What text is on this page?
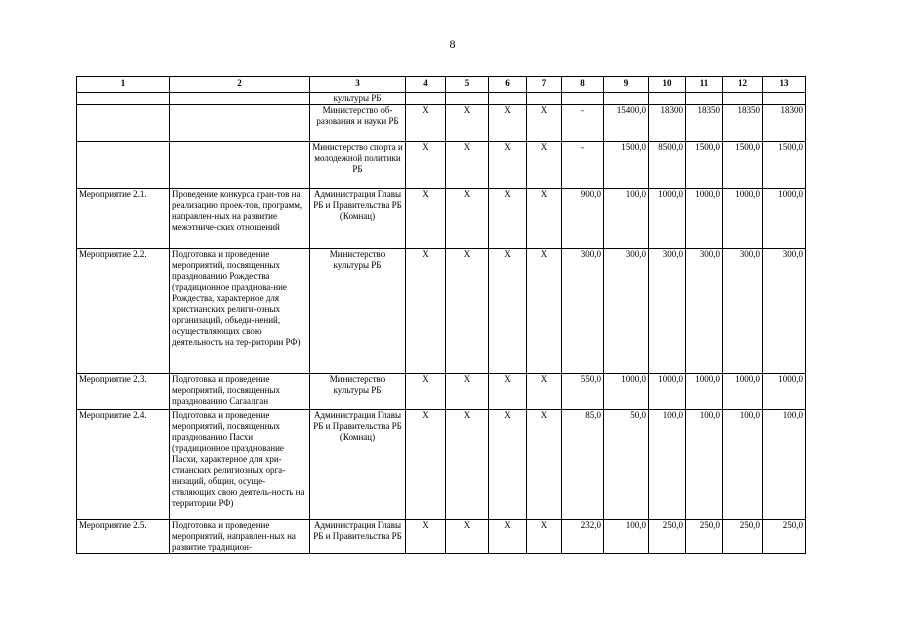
8
1	2	3	4	5	6	7	8	9	10	11	12	13
		культуры РБ										
		Министерство об-разования и науки РБ	Х	Х	Х	Х	-	15400,0	18300	18350	18350	18300
		Министерство спорта и молодежной политики РБ	Х	Х	Х	Х	-	1500,0	8500,0	1500,0	1500,0	1500,0
Мероприятие 2.1.	Проведение конкурса гран-тов на реализацию проек-тов, программ, направлен-ных на развитие межэтниче-ских отношений	Администрация Главы РБ и Правительства РБ (Комнац)	Х	Х	Х	Х	900,0	100,0	1000,0	1000,0	1000,0	1000,0
Мероприятие 2.2.	Подготовка и проведение мероприятий, посвященных празднованию Рождества (традиционное празднова-ние Рождества, характерное для христианских религи-озных организаций, объеди-нений, осуществляющих свою деятельность на тер-ритории РФ)	Министерство культуры РБ	Х	Х	Х	Х	300,0	300,0	300,0	300,0	300,0	300,0
Мероприятие 2.3.	Подготовка и проведение мероприятий, посвященных празднованию Сагаалган	Министерство культуры РБ	Х	Х	Х	Х	550,0	1000,0	1000,0	1000,0	1000,0	1000,0
Мероприятие 2.4.	Подготовка и проведение мероприятий, посвященных празднованию Пасхи (традиционное празднование Пасхи, характерное для хри-стианских религиозных орга-низаций, общин, осуще-ствляющих свою деятель-ность на территории РФ)	Администрация Главы РБ и Правительства РБ (Комнац)	Х	Х	Х	Х	85,0	50,0	100,0	100,0	100,0	100,0
Мероприятие 2.5.	Подготовка и проведение мероприятий, направлен-ных на развитие традицион-	Администрация Главы РБ и Правительства РБ	Х	Х	Х	Х	232,0	100,0	250,0	250,0	250,0	250,0
